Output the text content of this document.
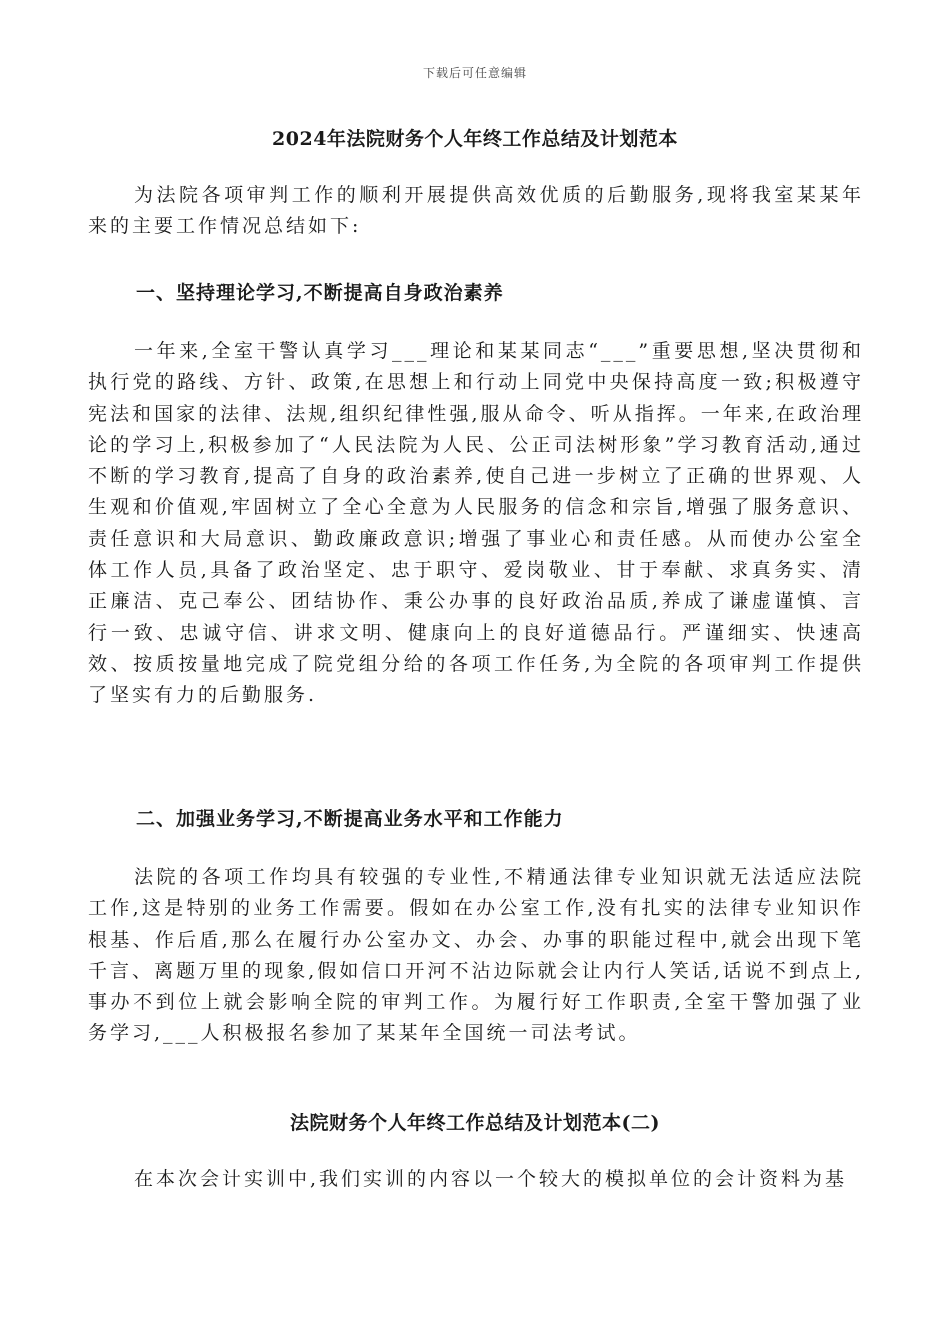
下载后可任意编辑
2024年法院财务个人年终工作总结及计划范本

为法院各项审判工作的顺利开展提供高效优质的后勤服务,现将我室某某年来的主要工作情况总结如下:

一、坚持理论学习,不断提高自身政治素养

一年来,全室干警认真学习___理论和某某同志“___”重要思想,坚决贯彻和执行党的路线、方针、政策,在思想上和行动上同党中央保持高度一致;积极遵守宪法和国家的法律、法规,组织纪律性强,服从命令、听从指挥。一年来,在政治理论的学习上,积极参加了“人民法院为人民、公正司法树形象”学习教育活动,通过不断的学习教育,提高了自身的政治素养,使自己进一步树立了正确的世界观、人生观和价值观,牢固树立了全心全意为人民服务的信念和宗旨,增强了服务意识、责任意识和大局意识、勤政廉政意识;增强了事业心和责任感。从而使办公室全体工作人员,具备了政治坚定、忠于职守、爱岗敬业、甘于奉献、求真务实、清正廉洁、克己奉公、团结协作、秉公办事的良好政治品质,养成了谦虚谨慎、言行一致、忠诚守信、讲求文明、健康向上的良好道德品行。严谨细实、快速高效、按质按量地完成了院党组分给的各项工作任务,为全院的各项审判工作提供了坚实有力的后勤服务.

二、加强业务学习,不断提高业务水平和工作能力

法院的各项工作均具有较强的专业性,不精通法律专业知识就无法适应法院工作,这是特别的业务工作需要。假如在办公室工作,没有扎实的法律专业知识作根基、作后盾,那么在履行办公室办文、办会、办事的职能过程中,就会出现下笔千言、离题万里的现象,假如信口开河不沾边际就会让内行人笑话,话说不到点上,事办不到位上就会影响全院的审判工作。为履行好工作职责,全室干警加强了业务学习,___人积极报名参加了某某年全国统一司法考试。

法院财务个人年终工作总结及计划范本(二)

在本次会计实训中,我们实训的内容以一个较大的模拟单位的会计资料为基
